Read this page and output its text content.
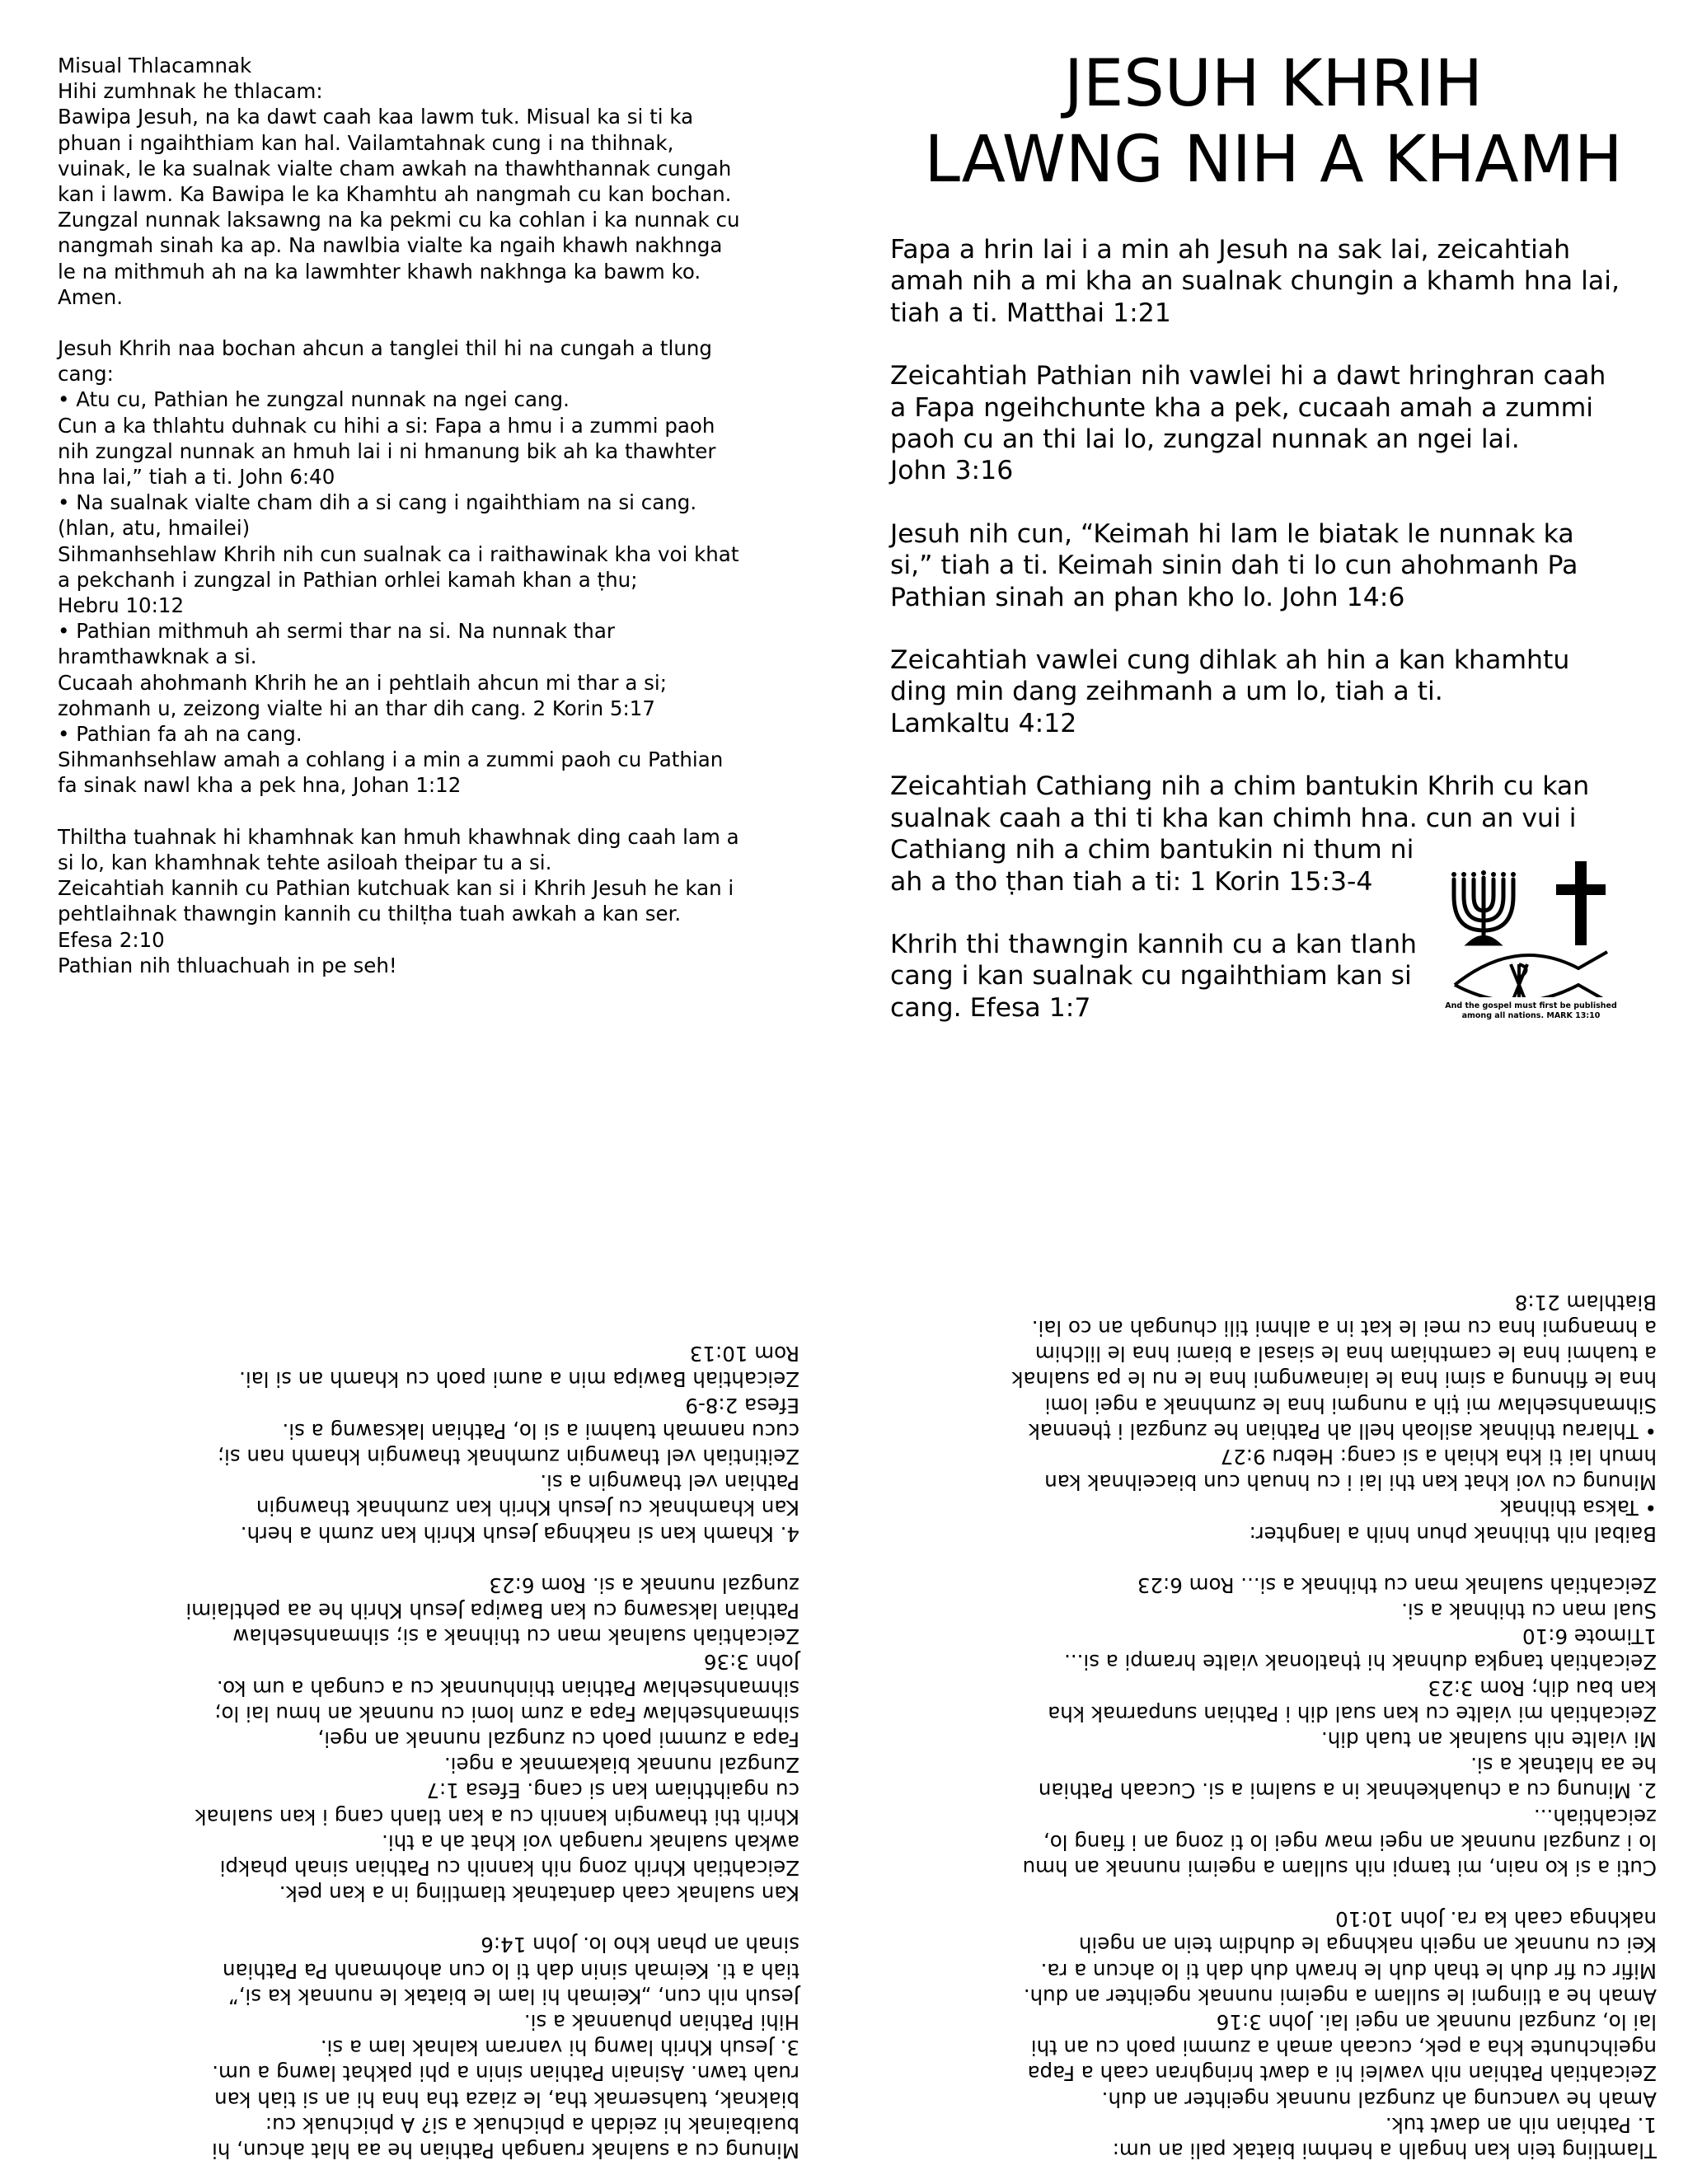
Misual Thlacamnak
Hihi zumhnak he thlacam:
Bawipa Jesuh, na ka dawt caah kaa lawm tuk. Misual ka si ti ka
phuan i ngaihthiam kan hal. Vailamtahnak cung i na thihnak,
vuinak, le ka sualnak vialte cham awkah na thawhthannak cungah
kan i lawm. Ka Bawipa le ka Khamhtu ah nangmah cu kan bochan.
Zungzal nunnak laksawng na ka pekmi cu ka cohlan i ka nunnak cu
nangmah sinah ka ap. Na nawlbia vialte ka ngaih khawh nakhnga
le na mithmuh ah na ka lawmhter khawh nakhnga ka bawm ko.
Amen.
Jesuh Khrih naa bochan ahcun a tanglei thil hi na cungah a tlung
cang:
• Atu cu, Pathian he zungzal nunnak na ngei cang.
Cun a ka thlahtu duhnak cu hihi a si: Fapa a hmu i a zummi paoh
nih zungzal nunnak an hmuh lai i ni hmanung bik ah ka thawhter
hna lai,” tiah a ti. John 6:40
• Na sualnak vialte cham dih a si cang i ngaihthiam na si cang.
(hlan, atu, hmailei)
Sihmanhsehlaw Khrih nih cun sualnak ca i raithawinak kha voi khat
a pekchanh i zungzal in Pathian orhlei kamah khan a ṭhu;
Hebru 10:12
• Pathian mithmuh ah sermi thar na si. Na nunnak thar
hramthawknak a si.
Cucaah ahohmanh Khrih he an i pehtlaih ahcun mi thar a si;
zohmanh u, zeizong vialte hi an thar dih cang. 2 Korin 5:17
• Pathian fa ah na cang.
Sihmanhsehlaw amah a cohlang i a min a zummi paoh cu Pathian
fa sinak nawl kha a pek hna, Johan 1:12
Thiltha tuahnak hi khamhnak kan hmuh khawhnak ding caah lam a
si lo, kan khamhnak tehte asiloah theipar tu a si.
Zeicahtiah kannih cu Pathian kutchuak kan si i Khrih Jesuh he kan i
pehtlaihnak thawngin kannih cu thilṭha tuah awkah a kan ser.
Efesa 2:10
Pathian nih thluachuah in pe seh!
JESUH KHRIH
LAWNG NIH A KHAMH
Fapa a hrin lai i a min ah Jesuh na sak lai, zeicahtiah
amah nih a mi kha an sualnak chungin a khamh hna lai,
tiah a ti. Matthai 1:21
Zeicahtiah Pathian nih vawlei hi a dawt hringhran caah
a Fapa ngeihchunte kha a pek, cucaah amah a zummi
paoh cu an thi lai lo, zungzal nunnak an ngei lai.
John 3:16
Jesuh nih cun, “Keimah hi lam le biatak le nunnak ka
si,” tiah a ti. Keimah sinin dah ti lo cun ahohmanh Pa
Pathian sinah an phan kho lo. John 14:6
Zeicahtiah vawlei cung dihlak ah hin a kan khamhtu
ding min dang zeihmanh a um lo, tiah a ti.
Lamkaltu 4:12
Zeicahtiah Cathiang nih a chim bantukin Khrih cu kan
sualnak caah a thi ti kha kan chimh hna. cun an vui i
Cathiang nih a chim bantukin ni thum ni
ah a tho ṭhan tiah a ti: 1 Korin 15:3-4
Khrih thi thawngin kannih cu a kan tlanh
cang i kan sualnak cu ngaihthiam kan si
cang. Efesa 1:7	And the gospel must first be published
among all nations. MARK 13:10
Minung cu a sualnak ruangah Pathian he aa hlat ahcun, hi
buaibainak hi zeidah a phichuak a si? A phichuak cu:
biaknak, tuahsernak tha, le ziaza tha hna hi an si tiah kan
ruah tawn. Asinain Pathian sinin a phi pakhat lawng a um.
3. Jesuh Khrih lawng hi vanram kalnak lam a si.
Hihi Pathian phuannak a si.
Jesuh nih cun, „Keimah hi lam le biatak le nunnak ka si,”
tiah a ti. Keimah sinin dah ti lo cun ahohmanh Pa Pathian
sinah an phan kho lo. John 14:6
Kan sualnak caah dantatnak tlamtling in a kan pek.
Zeicahtiah Khrih zong nih kannih cu Pathian sinah phakpi
awkah sualnak ruangah voi khat ah a thi.
Khrih thi thawngin kannih cu a kan tlanh cang i kan sualnak
cu ngaihthiam kan si cang. Efesa 1:7
Zungzal nunnak biakamnak a ngei.
Fapa a zummi paoh cu zungzal nunnak an ngei,
sihmanhsehlaw Fapa a zum lomi cu nunnak an hmu lai lo;
sihmanhsehlaw Pathian thinhunnak cu a cungah a um ko.
John 3:36
Zeicahtiah sualnak man cu thihnak a si; sihmanhsehlaw
Pathian laksawng cu kan Bawipa Jesuh Khrih he aa pehtlaimi
zungzal nunnak a si. Rom 6:23
4. Khamh kan si nakhnga Jesuh Khrih kan zumh a herh.
Kan khamhnak cu Jesuh Khrih kan zumhnak thawngin
Pathian vel thawngin a si.
Zeitintiah vel thawngin zumhnak thawngin khamh nan si;
cucu nanmah tuahmi a si lo, Pathian laksawng a si.
Efesa 2:8-9
Zeicahtiah Bawipa min a aumi paoh cu khamh an si lai.
Rom 10:13
Tlamtling tein kan hngalh a herhmi biatak pali an um:
1. Pathian nih an dawt tuk.
Amah he vancung ah zungzal nunnak ngeihter an duh.
Zeicahtiah Pathian nih vawlei hi a dawt hringhran caah a Fapa
ngeihchunte kha a pek, cucaah amah a zummi paoh cu an thi
lai lo, zungzal nunnak an ngei lai. John 3:16
Amah he a tlingmi le sullam a ngeimi nunnak ngeihter an duh.
Mifir cu fir duh le thah duh le hrawh duh dah ti lo ahcun a ra.
Kei cu nunnak an ngeih nakhnga le duhdim tein an ngeih
nakhnga caah ka ra. John 10:10
Cuti a si ko nain, mi tampi nih sullam a ngeimi nunnak an hmu
lo i zungzal nunnak an ngei maw ngei lo ti zong an i fiang lo,
zeicahtiah...
2. Minung cu a chuahkehnak in a sualmi a si. Cucaah Pathian
he aa hlatnak a si.
Mi vialte nih sualnak an tuah dih.
Zeicahtiah mi vialte cu kan sual dih i Pathian sunparnak kha
kan bau dih; Rom 3:23
Zeicahtiah tangka duhnak hi ṭhatlonak vialte hrampi a si...
1Timote 6:10
Sual man cu thihnak a si.
Zeicahtiah sualnak man cu thihnak a si... Rom 6:23
Baibal nih thihnak phun hnih a langhter:
• Taksa thihnak
Minung cu voi khat kan thi lai i cu hnuah cun biaceihnak kan
hmuh lai ti kha khiah a si cang: Hebru 9:27
• Thlarau thihnak asiloah hell ah Pathian he zungzal i ṭhennak
Sihmanhsehlaw mi ṭih a nungmi hna le zumhnak a ngei lomi
hna le fihnung a simi hna le lainawngmi hna le nu le pa sualnak
a tuahmi hna le camthiam hna le siasal a biami hna le lilchim
a hmangmi hna cu mei le kat in a alhmi tili chungah an co lai.
Biathlam 21:8
